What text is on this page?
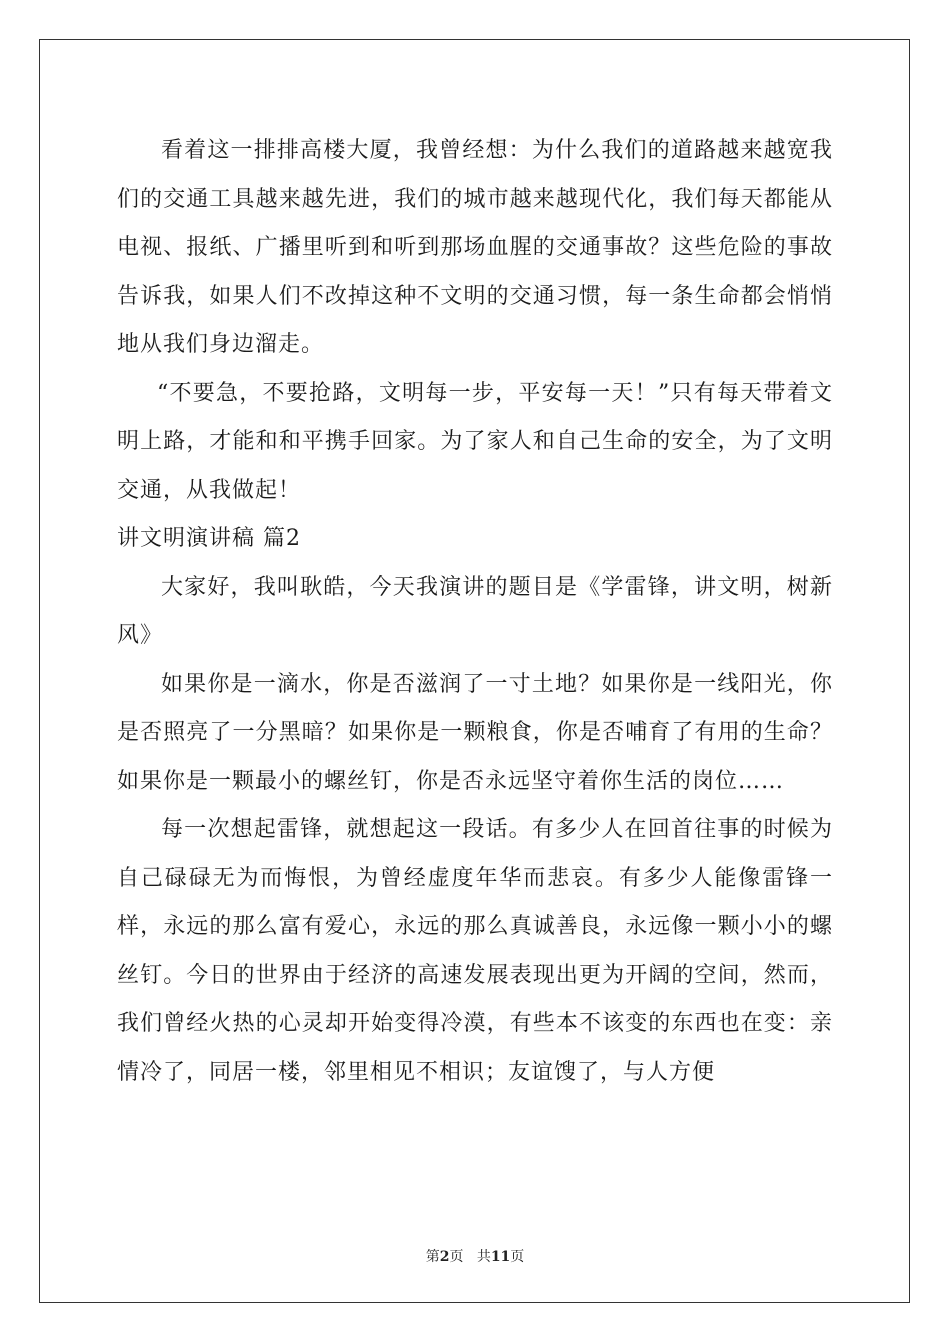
看着这一排排高楼大厦，我曾经想：为什么我们的道路越来越宽我们的交通工具越来越先进，我们的城市越来越现代化，我们每天都能从电视、报纸、广播里听到和听到那场血腥的交通事故？这些危险的事故告诉我，如果人们不改掉这种不文明的交通习惯，每一条生命都会悄悄地从我们身边溜走。

“不要急，不要抢路，文明每一步，平安每一天！”只有每天带着文明上路，才能和和平携手回家。为了家人和自己生命的安全，为了文明交通，从我做起！

讲文明演讲稿 篇2

大家好，我叫耿皓，今天我演讲的题目是《学雷锋，讲文明，树新风》

如果你是一滴水，你是否滋润了一寸土地？如果你是一线阳光，你是否照亮了一分黑暗？如果你是一颗粮食，你是否哺育了有用的生命？如果你是一颗最小的螺丝钉，你是否永远坚守着你生活的岗位……

每一次想起雷锋，就想起这一段话。有多少人在回首往事的时候为自己碌碌无为而悔恨，为曾经虚度年华而悲哀。有多少人能像雷锋一样，永远的那么富有爱心，永远的那么真诚善良，永远像一颗小小的螺丝钉。今日的世界由于经济的高速发展表现出更为开阔的空间，然而，我们曾经火热的心灵却开始变得冷漠，有些本不该变的东西也在变：亲情冷了，同居一楼，邻里相见不相识；友谊馊了，与人方便

第2页 共11页
